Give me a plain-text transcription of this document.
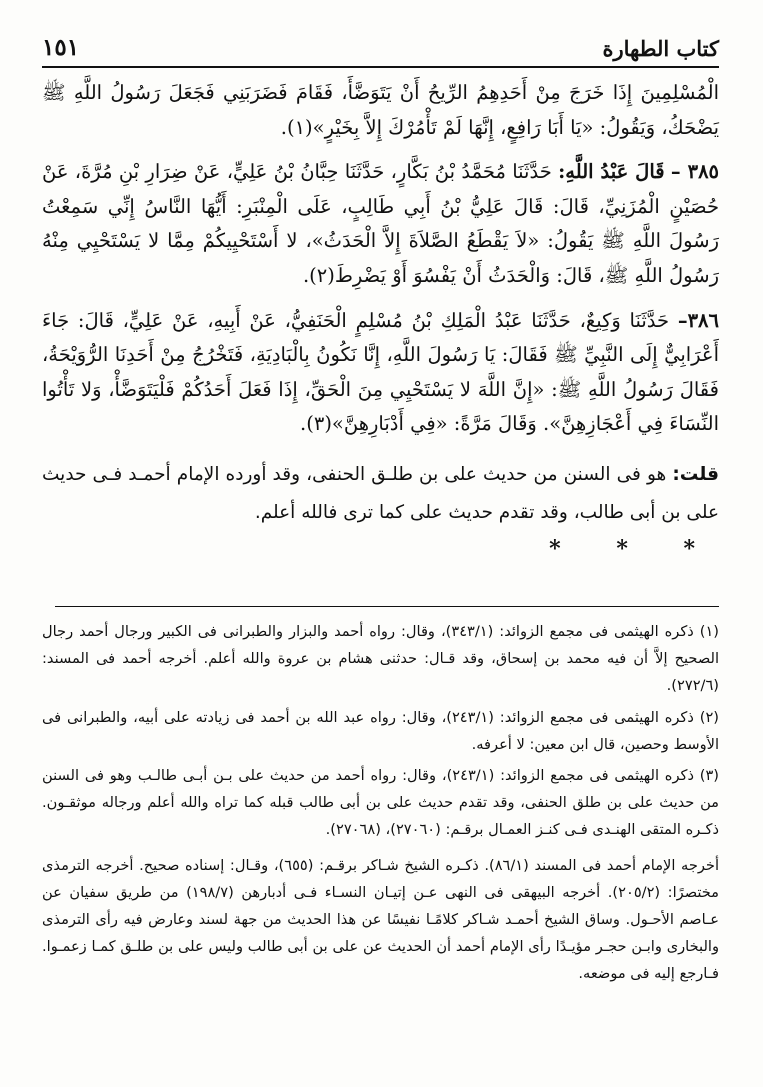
كتاب الطهارة
١٥١

الْمُسْلِمِينَ إِذَا خَرَجَ مِنْ أَحَدِهِمُ الرِّيحُ أَنْ يَتَوَضَّأَ، فَقَامَ فَضَرَبَنِي فَجَعَلَ رَسُولُ اللَّهِ ﷺ يَضْحَكُ، وَيَقُولُ: «يَا أَبَا رَافِعٍ، إِنَّهَا لَمْ تَأْمُرْكَ إِلاَّ بِخَيْرٍ»(١).

٣٨٥ – قَالَ عَبْدُ اللَّهِ: حَدَّثَنَا مُحَمَّدُ بْنُ بَكَّارٍ، حَدَّثَنَا حِبَّانُ بْنُ عَلِيٍّ، عَنْ ضِرَارِ بْنِ مُرَّةَ، عَنْ حُصَيْنٍ الْمُزَنِيِّ، قَالَ: قَالَ عَلِيُّ بْنُ أَبِي طَالِبٍ، عَلَى الْمِنْبَرِ: أَيُّهَا النَّاسُ إِنِّي سَمِعْتُ رَسُولَ اللَّهِ ﷺ يَقُولُ: «لاَ يَقْطَعُ الصَّلاَةَ إِلاَّ الْحَدَثُ»، لا أَسْتَحْيِيكُمْ مِمَّا لا يَسْتَحْيِي مِنْهُ رَسُولُ اللَّهِ ﷺ، قَالَ: وَالْحَدَثُ أَنْ يَفْسُوَ أَوْ يَضْرِطَ(٢).

٣٨٦– حَدَّثَنَا وَكِيعٌ، حَدَّثَنَا عَبْدُ الْمَلِكِ بْنُ مُسْلِمٍ الْحَنَفِيُّ، عَنْ أَبِيهِ، عَنْ عَلِيٍّ، قَالَ: جَاءَ أَعْرَابِيٌّ إِلَى النَّبِيِّ ﷺ فَقَالَ: يَا رَسُولَ اللَّهِ، إِنَّا نَكُونُ بِالْبَادِيَةِ، فَتَخْرُجُ مِنْ أَحَدِنَا الرُّوَيْحَةُ، فَقَالَ رَسُولُ اللَّهِ ﷺ: «إِنَّ اللَّهَ لا يَسْتَحْيِي مِنَ الْحَقِّ، إِذَا فَعَلَ أَحَدُكُمْ فَلْيَتَوَضَّأْ، وَلا تَأْتُوا النِّسَاءَ فِي أَعْجَازِهِنَّ». وَقَالَ مَرَّةً: «فِي أَدْبَارِهِنَّ»(٣).

قلت: هو فى السنن من حديث على بن طلـق الحنفى، وقد أورده الإمام أحمـد فـى حديث على بن أبى طالب، وقد تقدم حديث على كما ترى فالله أعلم.

* * *

(١) ذكره الهيثمى فى مجمع الزوائد: (٣٤٣/١)، وقال: رواه أحمد والبزار والطبرانى فى الكبير ورجال أحمد رجال الصحيح إلاَّ أن فيه محمد بن إسحاق، وقد قـال: حدثنى هشام بن عروة والله أعلم. أخرجه أحمد فى المسند: (٢٧٢/٦).

(٢) ذكره الهيثمى فى مجمع الزوائد: (٢٤٣/١)، وقال: رواه عبد الله بن أحمد فى زيادته على أبيه، والطبرانى فى الأوسط وحصين، قال ابن معين: لا أعرفه.

(٣) ذكره الهيثمى فى مجمع الزوائد: (٢٤٣/١)، وقال: رواه أحمد من حديث على بـن أبـى طالـب وهو فى السنن من حديث على بن طلق الحنفى، وقد تقدم حديث على بن أبى طالب قبله كما تراه والله أعلم ورجاله موثقـون. ذكـره المتقى الهنـدى فـى كنـز العمـال برقـم: (٢٧٠٦٠)، (٢٧٠٦٨).

أخرجه الإمام أحمد فى المسند (٨٦/١). ذكـره الشيخ شـاكر برقـم: (٦٥٥)، وقـال: إسناده صحيح. أخرجه الترمذى مختصرًا: (٢٠٥/٢). أخرجه البيهقى فى النهى عـن إتيـان النسـاء فـى أدبارهن (١٩٨/٧) من طريق سفيان عن عـاصم الأحـول. وساق الشيخ أحمـد شـاكر كلامًـا نفيسًا عن هذا الحديث من جهة لسند وعارض فيه رأى الترمذى والبخارى وابـن حجـر مؤيـدًا رأى الإمام أحمد أن الحديث عن على بن أبى طالب وليس على بن طلـق كمـا زعمـوا. فـارجع إليه فى موضعه.
